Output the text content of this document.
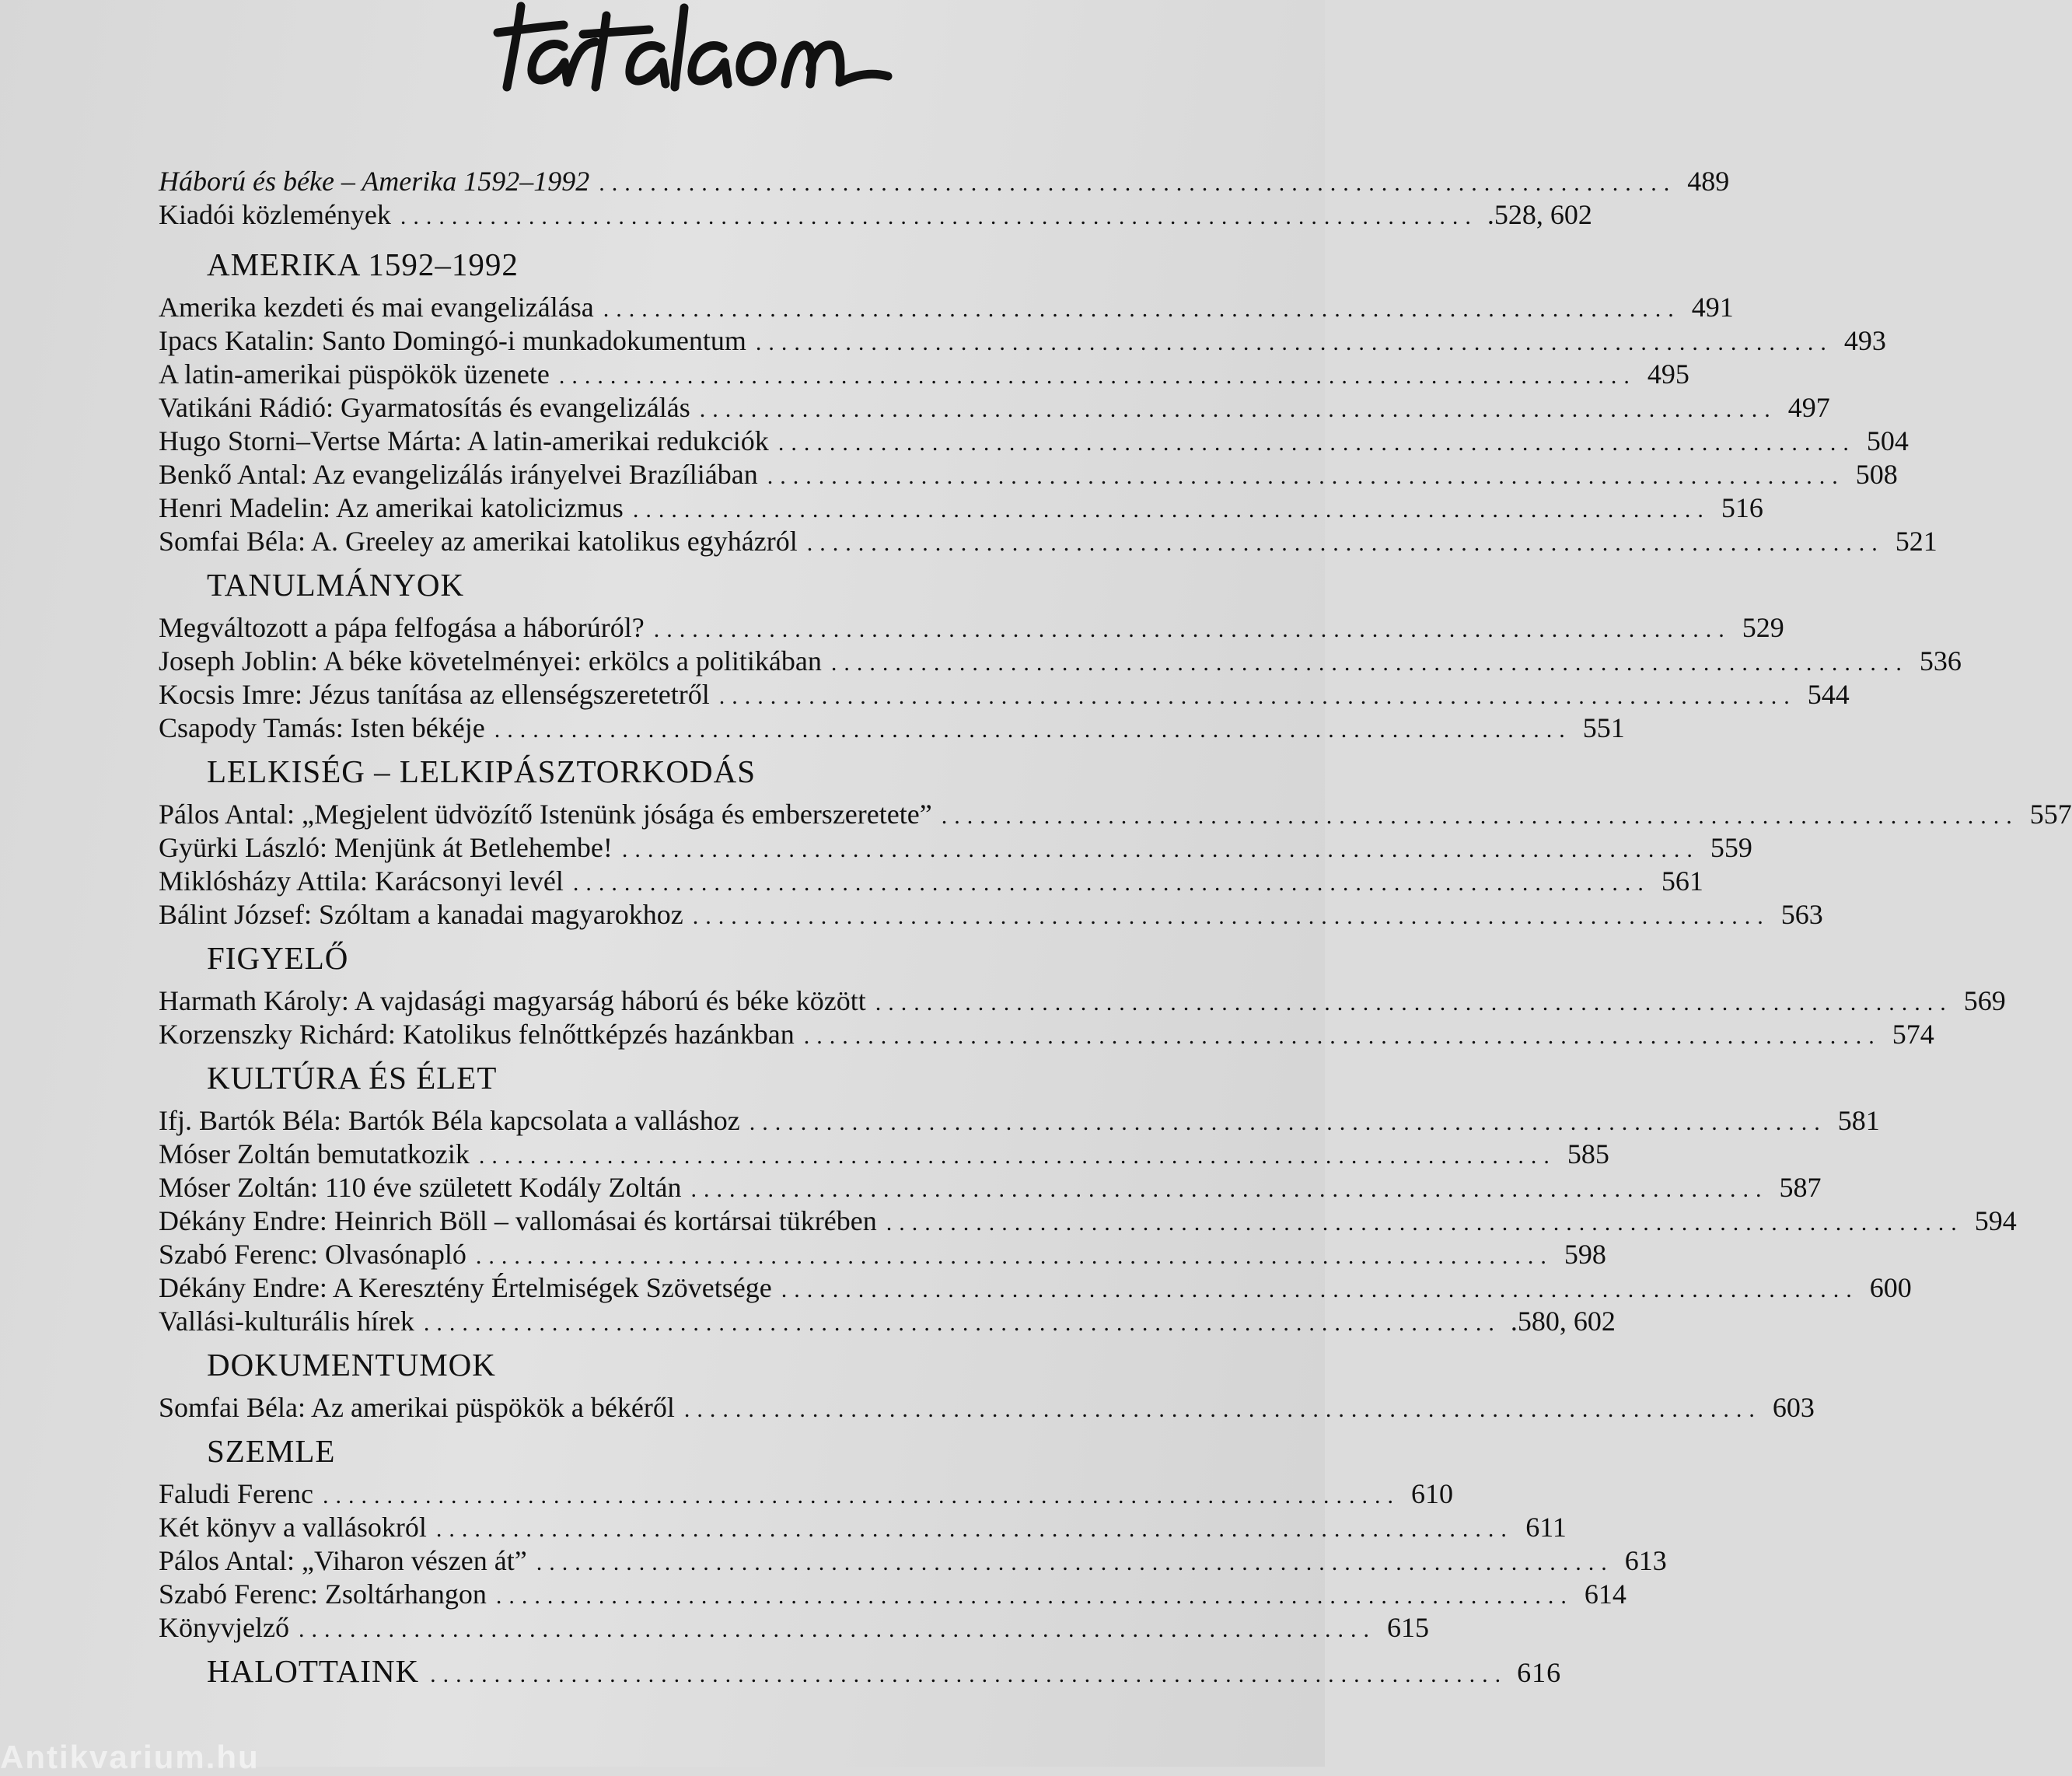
Háború és béke – Amerika 1592–1992 .................................................................................... 489
Kiadói közlemények .................................................................................... .528, 602
AMERIKA 1592–1992
Amerika kezdeti és mai evangelizálása .................................................................................... 491
Ipacs Katalin: Santo Domingó-i munkadokumentum .................................................................................... 493
A latin-amerikai püspökök üzenete .................................................................................... 495
Vatikáni Rádió: Gyarmatosítás és evangelizálás .................................................................................... 497
Hugo Storni–Vertse Márta: A latin-amerikai redukciók .................................................................................... 504
Benkő Antal: Az evangelizálás irányelvei Brazíliában .................................................................................... 508
Henri Madelin: Az amerikai katolicizmus .................................................................................... 516
Somfai Béla: A. Greeley az amerikai katolikus egyházról .................................................................................... 521
TANULMÁNYOK
Megváltozott a pápa felfogása a háborúról? .................................................................................... 529
Joseph Joblin: A béke követelményei: erkölcs a politikában .................................................................................... 536
Kocsis Imre: Jézus tanítása az ellenségszeretetről .................................................................................... 544
Csapody Tamás: Isten békéje .................................................................................... 551
LELKISÉG – LELKIPÁSZTORKODÁS
Pálos Antal: „Megjelent üdvözítő Istenünk jósága és emberszeretete” .................................................................................... 557
Gyürki László: Menjünk át Betlehembe! .................................................................................... 559
Miklósházy Attila: Karácsonyi levél .................................................................................... 561
Bálint József: Szóltam a kanadai magyarokhoz .................................................................................... 563
FIGYELŐ
Harmath Károly: A vajdasági magyarság háború és béke között .................................................................................... 569
Korzenszky Richárd: Katolikus felnőttképzés hazánkban .................................................................................... 574
KULTÚRA ÉS ÉLET
Ifj. Bartók Béla: Bartók Béla kapcsolata a valláshoz .................................................................................... 581
Móser Zoltán bemutatkozik .................................................................................... 585
Móser Zoltán: 110 éve született Kodály Zoltán .................................................................................... 587
Dékány Endre: Heinrich Böll – vallomásai és kortársai tükrében .................................................................................... 594
Szabó Ferenc: Olvasónapló .................................................................................... 598
Dékány Endre: A Keresztény Értelmiségek Szövetsége .................................................................................... 600
Vallási-kulturális hírek .................................................................................... .580, 602
DOKUMENTUMOK
Somfai Béla: Az amerikai püspökök a békéről .................................................................................... 603
SZEMLE
Faludi Ferenc .................................................................................... 610
Két könyv a vallásokról .................................................................................... 611
Pálos Antal: „Viharon vészen át” .................................................................................... 613
Szabó Ferenc: Zsoltárhangon .................................................................................... 614
Könyvjelző .................................................................................... 615
HALOTTAINK .................................................................................... 616
Antikvarium.hu
